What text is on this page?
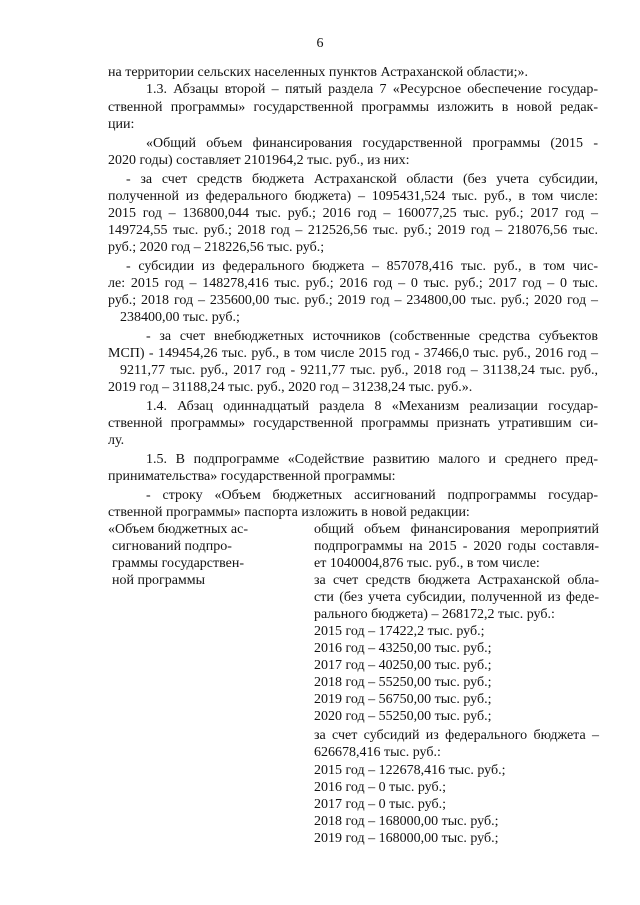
6

на территории сельских населенных пунктов Астраханской области;».

1.3. Абзацы второй – пятый раздела 7 «Ресурсное обеспечение государ-

ственной программы» государственной программы изложить в новой редак-

ции:

«Общий объем финансирования государственной программы (2015 -

2020 годы) составляет 2101964,2 тыс. руб., из них:

- за счет средств бюджета Астраханской области (без учета субсидии,

полученной из федерального бюджета) – 1095431,524 тыс. руб., в том числе:

2015 год – 136800,044 тыс. руб.; 2016 год – 160077,25 тыс. руб.; 2017 год –

149724,55 тыс. руб.; 2018 год – 212526,56 тыс. руб.; 2019 год – 218076,56 тыс.

руб.; 2020 год – 218226,56 тыс. руб.;

- субсидии из федерального бюджета – 857078,416 тыс. руб., в том чис-

ле: 2015 год – 148278,416 тыс. руб.; 2016 год – 0 тыс. руб.; 2017 год – 0 тыс.

руб.; 2018 год – 235600,00 тыс. руб.; 2019 год – 234800,00 тыс. руб.; 2020 год –

238400,00 тыс. руб.;

- за счет внебюджетных источников (собственные средства субъектов

МСП) - 149454,26 тыс. руб., в том числе 2015 год - 37466,0 тыс. руб., 2016 год –

9211,77 тыс. руб., 2017 год - 9211,77 тыс. руб., 2018 год – 31138,24 тыс. руб.,

2019 год – 31188,24 тыс. руб., 2020 год – 31238,24 тыс. руб.».

1.4. Абзац одиннадцатый раздела 8 «Механизм реализации государ-

ственной программы» государственной программы признать утратившим си-

лу.

1.5. В подпрограмме «Содействие развитию малого и среднего пред-

принимательства» государственной программы:

- строку «Объем бюджетных ассигнований подпрограммы государ-

ственной программы» паспорта изложить в новой редакции:

«Объем бюджетных ас-

сигнований подпро-

граммы государствен-

ной программы

общий объем финансирования мероприятий

подпрограммы на 2015 - 2020 годы составля-

ет 1040004,876 тыс. руб., в том числе:

за счет средств бюджета Астраханской обла-

сти (без учета субсидии, полученной из феде-

рального бюджета) – 268172,2 тыс. руб.:

2015 год – 17422,2 тыс. руб.;

2016 год – 43250,00 тыс. руб.;

2017 год – 40250,00 тыс. руб.;

2018 год – 55250,00 тыс. руб.;

2019 год – 56750,00 тыс. руб.;

2020 год – 55250,00 тыс. руб.;

за счет субсидий из федерального бюджета –

626678,416 тыс. руб.:

2015 год – 122678,416 тыс. руб.;

2016 год – 0 тыс. руб.;

2017 год – 0 тыс. руб.;

2018 год – 168000,00 тыс. руб.;

2019 год – 168000,00 тыс. руб.;
